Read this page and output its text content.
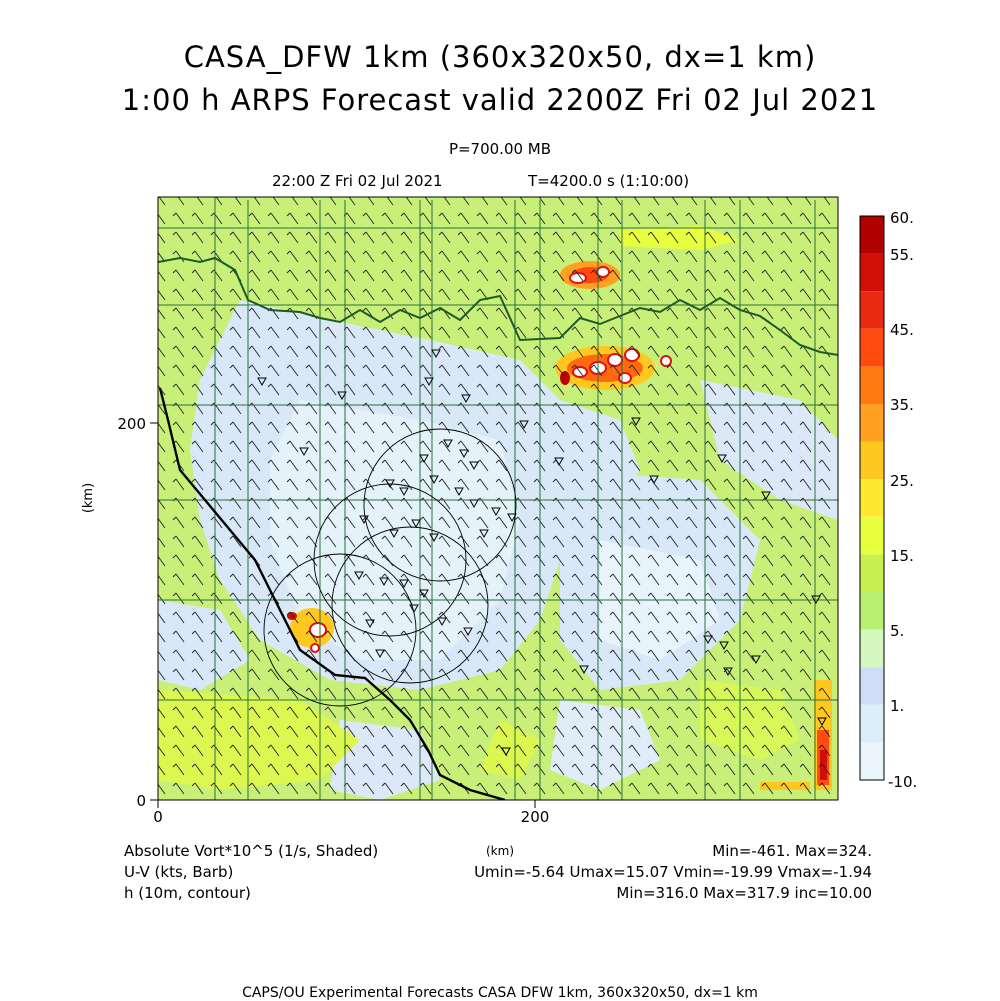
CASA_DFW 1km (360x320x50, dx=1 km)
1:00 h ARPS Forecast valid 2200Z Fri 02 Jul 2021
P=700.00 MB
22:00 Z Fri 02 Jul 2021	T=4200.0 s (1:10:00)
0	200
0
200
(km)
60.
55.
45.
35.
25.
15.
5.
1.
-10.
Absolute Vort*10^5 (1/s, Shaded)
U-V (kts, Barb)
h (10m, contour)
(km)	Min=-461. Max=324.
Umin=-5.64 Umax=15.07 Vmin=-19.99 Vmax=-1.94
Min=316.0 Max=317.9 inc=10.00
CAPS/OU Experimental Forecasts CASA DFW 1km, 360x320x50, dx=1 km
